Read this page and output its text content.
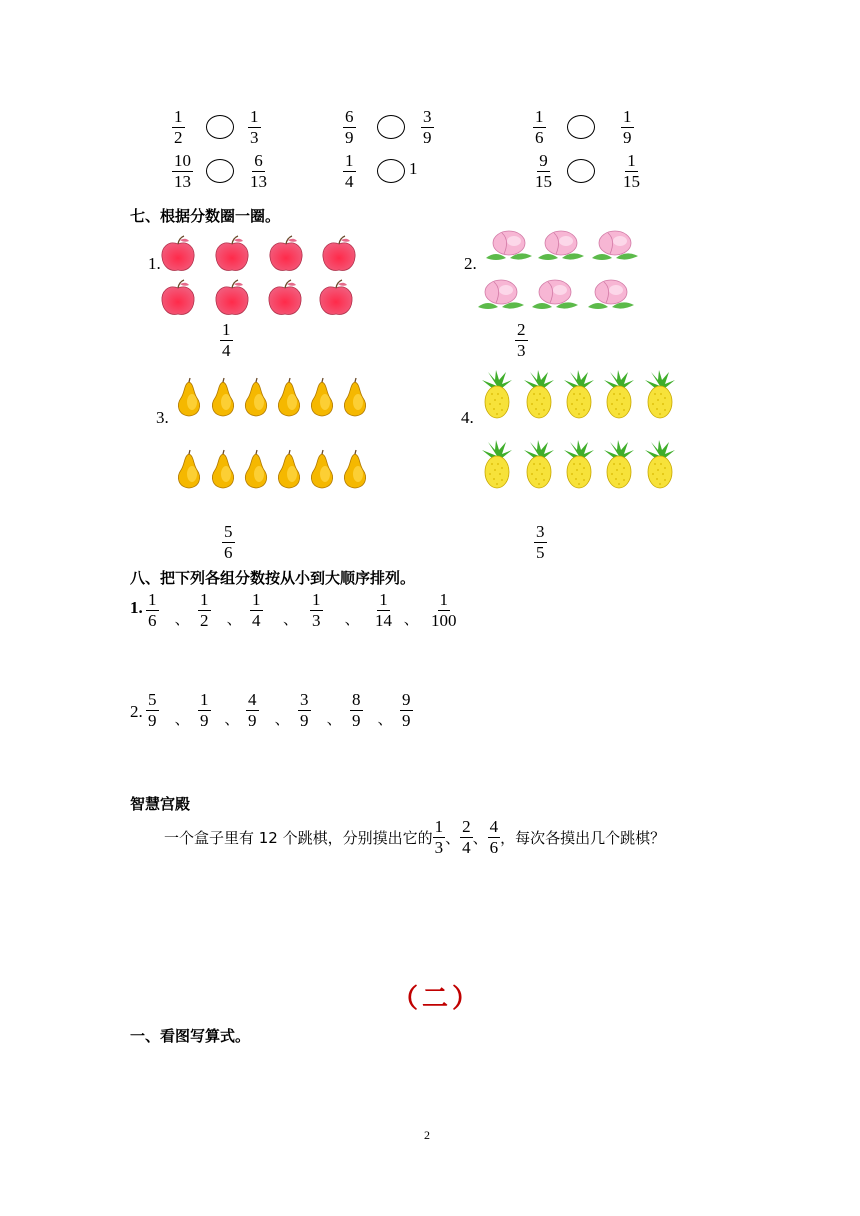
$\frac{1}{2}$	$\frac{1}{3}$	$\frac{6}{9}$	$\frac{3}{9}$	$\frac{1}{6}$	$\frac{1}{9}$
$\frac{10}{13}$	$\frac{6}{13}$	$\frac{1}{4}$	1	$\frac{9}{15}$	$\frac{1}{15}$
七、根据分数圈一圈。
1.	2.
3.	4.
$\frac{1}{4}$	$\frac{2}{3}$
$\frac{5}{6}$	$\frac{3}{5}$
八、把下列各组分数按从小到大顺序排列。
1.
2.
$\frac{1}{6}$ 、 $\frac{1}{2}$ 、 $\frac{1}{4}$ 、 $\frac{1}{3}$ 、 $\frac{1}{14}$ 、 $\frac{1}{100}$
$\frac{5}{9}$ 、 $\frac{1}{9}$ 、 $\frac{4}{9}$ 、 $\frac{3}{9}$ 、 $\frac{8}{9}$ 、 $\frac{9}{9}$
智慧宫殿
一个盒子里有 12 个跳棋，分别摸出它的 $\frac{1}{3}$ 、 $\frac{2}{4}$ 、 $\frac{4}{6}$ ，每次各摸出几个跳棋？
（二）
一、看图写算式。
2
